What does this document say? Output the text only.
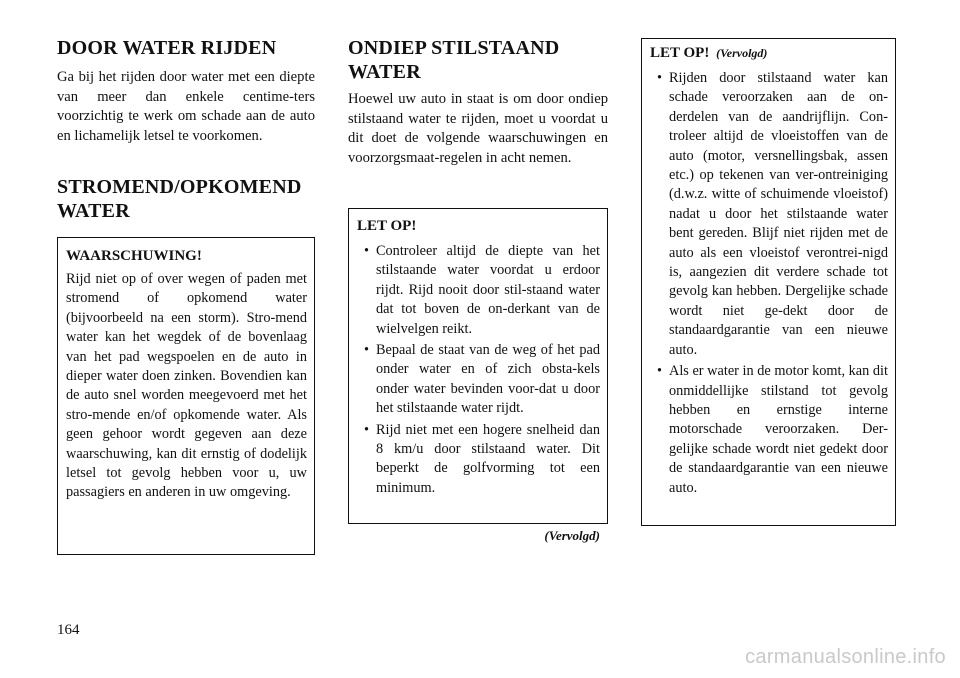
DOOR WATER RIJDEN

Ga bij het rijden door water met een diepte van meer dan enkele centime-ters voorzichtig te werk om schade aan de auto en lichamelijk letsel te voorkomen.

STROMEND/OPKOMEND WATER

WAARSCHUWING!

Rijd niet op of over wegen of paden met stromend of opkomend water (bijvoorbeeld na een storm). Stro-mend water kan het wegdek of de bovenlaag van het pad wegspoelen en de auto in dieper water doen zinken. Bovendien kan de auto snel worden meegevoerd met het stro-mende en/of opkomende water. Als geen gehoor wordt gegeven aan deze waarschuwing, kan dit ernstig of dodelijk letsel tot gevolg hebben voor u, uw passagiers en anderen in uw omgeving.

ONDIEP STILSTAAND WATER

Hoewel uw auto in staat is om door ondiep stilstaand water te rijden, moet u voordat u dit doet de volgende waarschuwingen en voorzorgsmaat-regelen in acht nemen.

LET OP!

• Controleer altijd de diepte van het stilstaande water voordat u erdoor rijdt. Rijd nooit door stil-staand water dat tot boven de on-derkant van de wielvelgen reikt.
• Bepaal de staat van de weg of het pad onder water en of zich obsta-kels onder water bevinden voor-dat u door het stilstaande water rijdt.
• Rijd niet met een hogere snelheid dan 8 km/u door stilstaand water. Dit beperkt de golfvorming tot een minimum.
(Vervolgd)

LET OP! (Vervolgd)

• Rijden door stilstaand water kan schade veroorzaken aan de on-derdelen van de aandrijflijn. Con-troleer altijd de vloeistoffen van de auto (motor, versnellingsbak, assen etc.) op tekenen van ver-ontreiniging (d.w.z. witte of schuimende vloeistof) nadat u door het stilstaande water bent gereden. Blijf niet rijden met de auto als een vloeistof verontrei-nigd is, aangezien dit verdere schade tot gevolg kan hebben. Dergelijke schade wordt niet ge-dekt door de standaardgarantie van een nieuwe auto.
• Als er water in de motor komt, kan dit onmiddellijke stilstand tot gevolg hebben en ernstige interne motorschade veroorzaken. Der-gelijke schade wordt niet gedekt door de standaardgarantie van een nieuwe auto.
164
carmanualsonline.info
